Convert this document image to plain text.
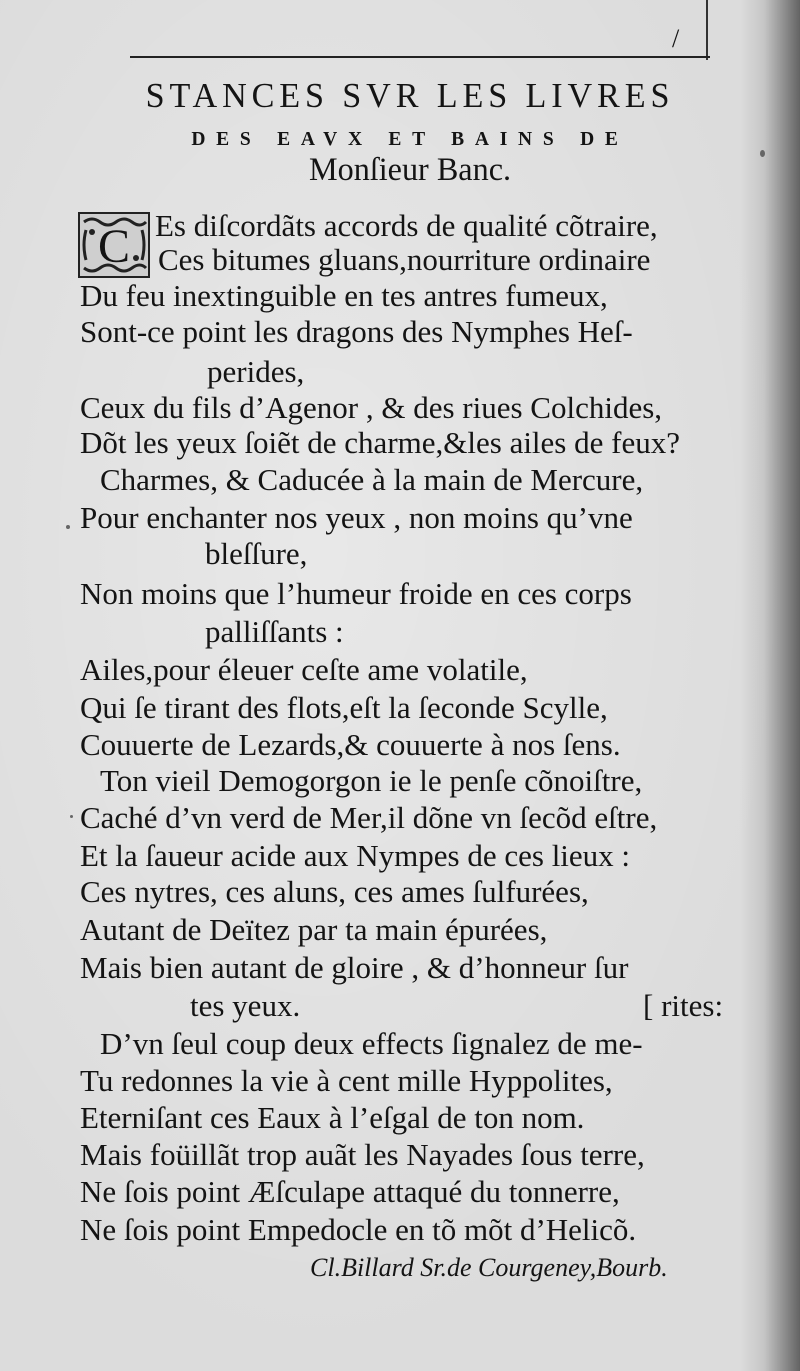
/
STANCES SVR LES LIVRES
DES EAVX ET BAINS DE
Monſieur Banc.
C Es diſcordãts accords de qualité cõtraire,
Ces bitumes gluans,nourriture ordinaire
Du feu inextinguible en tes antres fumeux,
Sont-ce point les dragons des Nymphes Heſ-
perides,
Ceux du fils d’Agenor , & des riues Colchides,
Dõt les yeux ſoiẽt de charme,&les ailes de feux?
Charmes, & Caducée à la main de Mercure,
Pour enchanter nos yeux , non moins qu’vne
bleſſure,
Non moins que l’humeur froide en ces corps
palliſſants :
Ailes,pour éleuer ceſte ame volatile,
Qui ſe tirant des flots,eſt la ſeconde Scylle,
Couuerte de Lezards,& couuerte à nos ſens.
Ton vieil Demogorgon ie le penſe cõnoiſtre,
Caché d’vn verd de Mer,il dõne vn ſecõd eſtre,
Et la ſaueur acide aux Nympes de ces lieux :
Ces nytres, ces aluns, ces ames ſulfurées,
Autant de Deïtez par ta main épurées,
Mais bien autant de gloire , & d’honneur ſur
tes yeux.	[ rites:
D’vn ſeul coup deux effects ſignalez de me-
Tu redonnes la vie à cent mille Hyppolites,
Eterniſant ces Eaux à l’eſgal de ton nom.
Mais foüillãt trop auãt les Nayades ſous terre,
Ne ſois point Æſculape attaqué du tonnerre,
Ne ſois point Empedocle en tõ mõt d’Helicõ.
Cl.Billard Sr.de Courgeney,Bourb.
